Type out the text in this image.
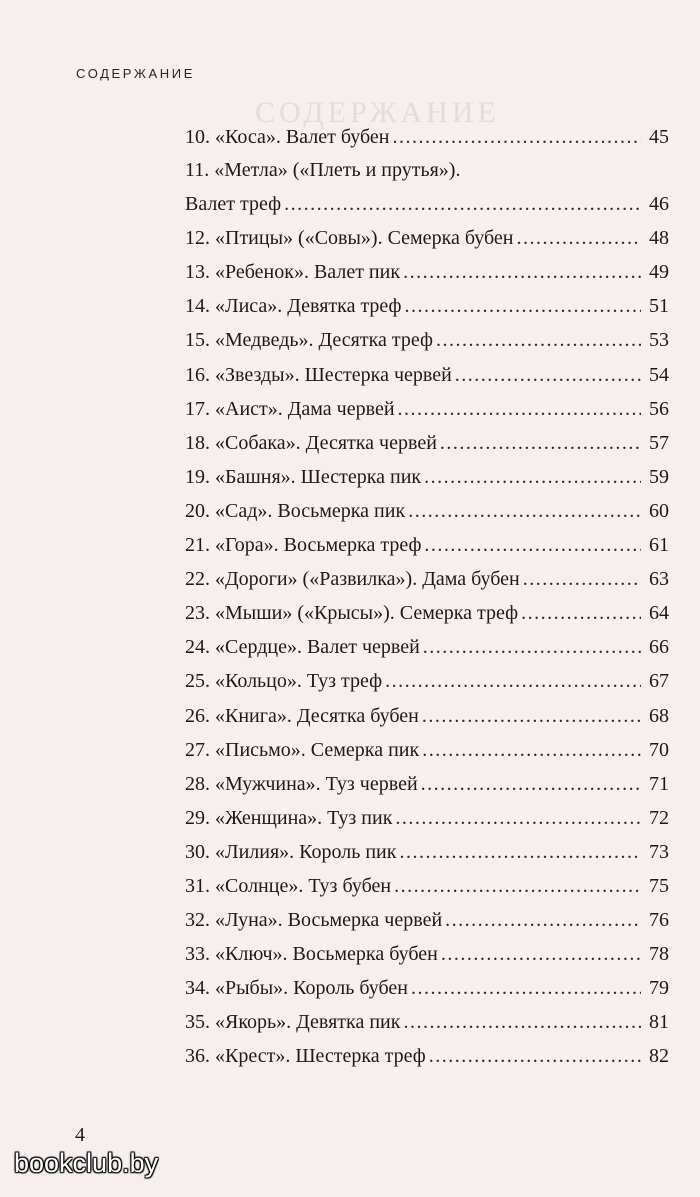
СОДЕРЖАНИЕ
СОДЕРЖАНИЕ
10. «Коса». Валет бубен .....	45
11. «Метла» («Плеть и прутья»).
Валет треф .....	46
12. «Птицы» («Совы»). Семерка бубен .....	48
13. «Ребенок». Валет пик .....	49
14. «Лиса». Девятка треф .....	51
15. «Медведь». Десятка треф .....	53
16. «Звезды». Шестерка червей .....	54
17. «Аист». Дама червей .....	56
18. «Собака». Десятка червей .....	57
19. «Башня». Шестерка пик .....	59
20. «Сад». Восьмерка пик .....	60
21. «Гора». Восьмерка треф .....	61
22. «Дороги» («Развилка»). Дама бубен .....	63
23. «Мыши» («Крысы»). Семерка треф .....	64
24. «Сердце». Валет червей .....	66
25. «Кольцо». Туз треф .....	67
26. «Книга». Десятка бубен .....	68
27. «Письмо». Семерка пик .....	70
28. «Мужчина». Туз червей .....	71
29. «Женщина». Туз пик .....	72
30. «Лилия». Король пик .....	73
31. «Солнце». Туз бубен .....	75
32. «Луна». Восьмерка червей .....	76
33. «Ключ». Восьмерка бубен .....	78
34. «Рыбы». Король бубен .....	79
35. «Якорь». Девятка пик .....	81
36. «Крест». Шестерка треф .....	82
4
bookclub.by
